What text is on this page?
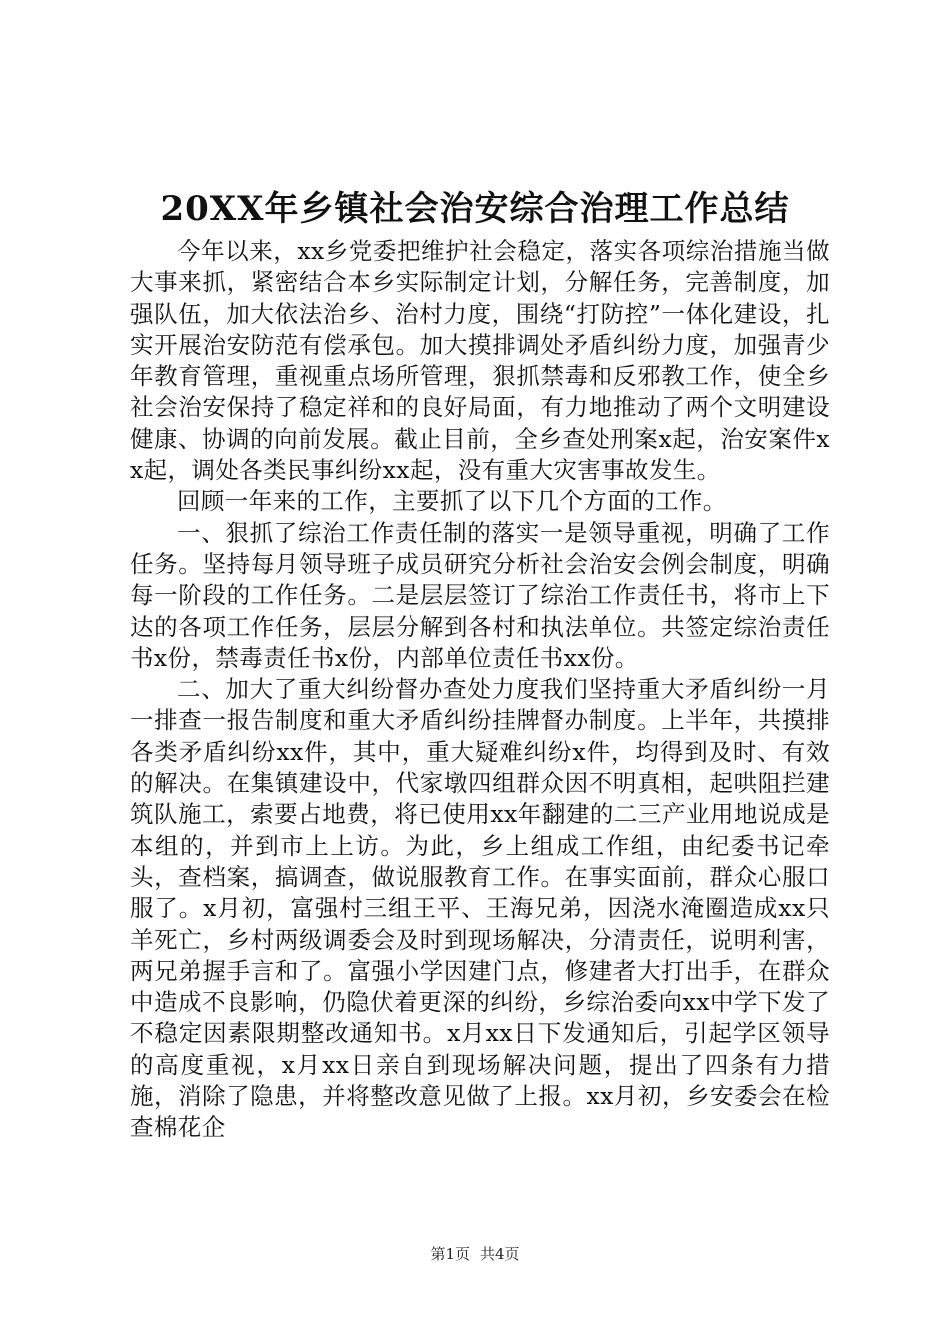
20XX年乡镇社会治安综合治理工作总结

今年以来，xx乡党委把维护社会稳定，落实各项综治措施当做大事来抓，紧密结合本乡实际制定计划，分解任务，完善制度，加强队伍，加大依法治乡、治村力度，围绕“打防控”一体化建设，扎实开展治安防范有偿承包。加大摸排调处矛盾纠纷力度，加强青少年教育管理，重视重点场所管理，狠抓禁毒和反邪教工作，使全乡社会治安保持了稳定祥和的良好局面，有力地推动了两个文明建设健康、协调的向前发展。截止目前，全乡查处刑案x起，治安案件xx起，调处各类民事纠纷xx起，没有重大灾害事故发生。

回顾一年来的工作，主要抓了以下几个方面的工作。

一、狠抓了综治工作责任制的落实一是领导重视，明确了工作任务。坚持每月领导班子成员研究分析社会治安会例会制度，明确每一阶段的工作任务。二是层层签订了综治工作责任书，将市上下达的各项工作任务，层层分解到各村和执法单位。共签定综治责任书x份，禁毒责任书x份，内部单位责任书xx份。

二、加大了重大纠纷督办查处力度我们坚持重大矛盾纠纷一月一排查一报告制度和重大矛盾纠纷挂牌督办制度。上半年，共摸排各类矛盾纠纷xx件，其中，重大疑难纠纷x件，均得到及时、有效的解决。在集镇建设中，代家墩四组群众因不明真相，起哄阻拦建筑队施工，索要占地费，将已使用xx年翻建的二三产业用地说成是本组的，并到市上上访。为此，乡上组成工作组，由纪委书记牵头，查档案，搞调查，做说服教育工作。在事实面前，群众心服口服了。x月初，富强村三组王平、王海兄弟，因浇水淹圈造成xx只羊死亡，乡村两级调委会及时到现场解决，分清责任，说明利害，两兄弟握手言和了。富强小学因建门点，修建者大打出手，在群众中造成不良影响，仍隐伏着更深的纠纷，乡综治委向xx中学下发了不稳定因素限期整改通知书。x月xx日下发通知后，引起学区领导的高度重视，x月xx日亲自到现场解决问题，提出了四条有力措施，消除了隐患，并将整改意见做了上报。xx月初，乡安委会在检查棉花企

第1页 共4页
